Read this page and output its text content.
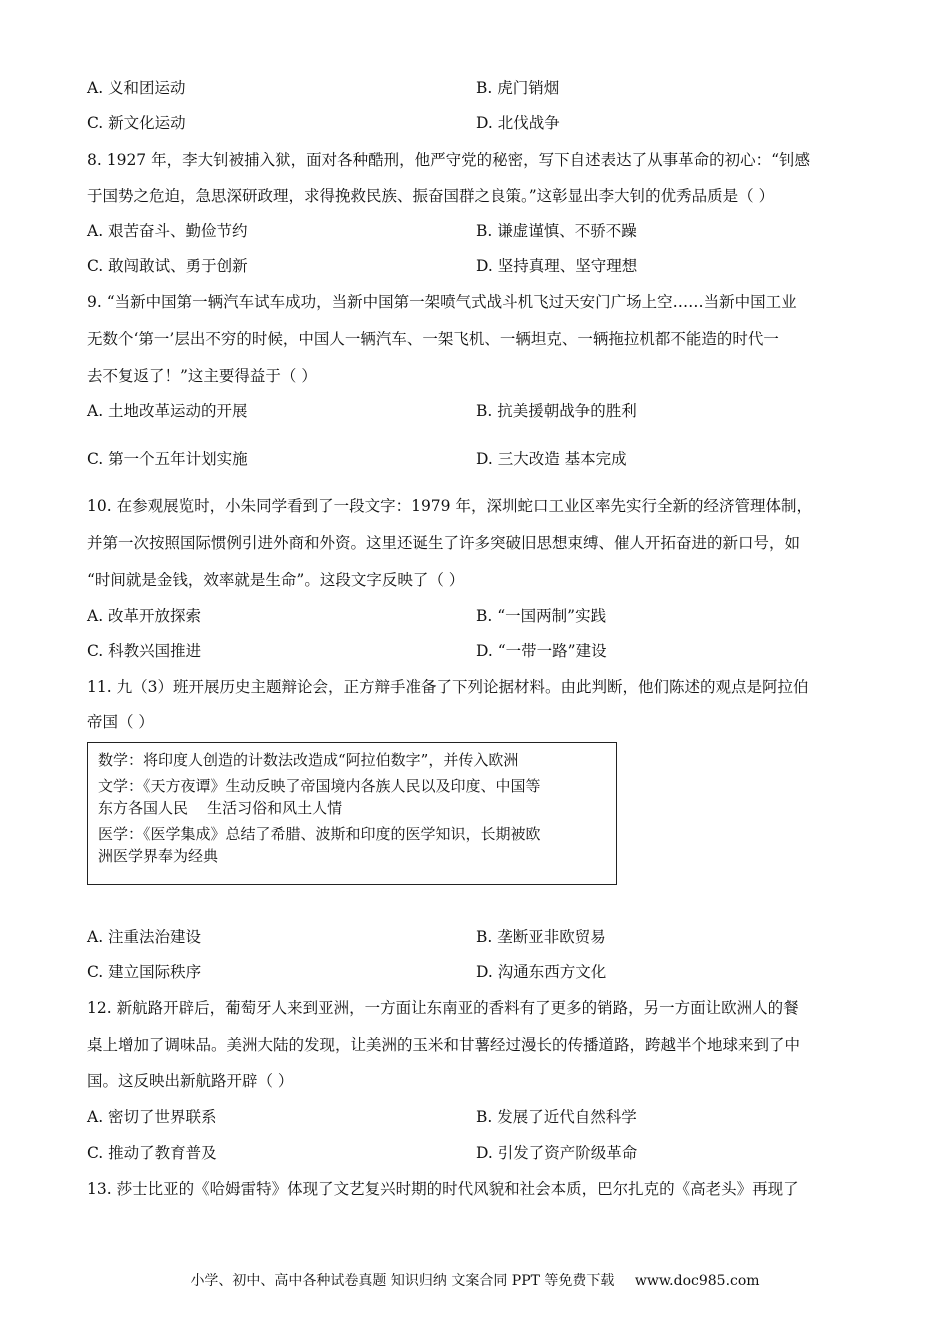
A. 义和团运动	B. 虎门销烟
C. 新文化运动	D. 北伐战争
8. 1927 年，李大钊被捕入狱，面对各种酷刑，他严守党的秘密，写下自述表达了从事革命的初心：“钊感
于国势之危迫，急思深研政理，求得挽救民族、振奋国群之良策。”这彰显出李大钊的优秀品质是（ ）
A. 艰苦奋斗、勤俭节约	B. 谦虚谨慎、不骄不躁
C. 敢闯敢试、勇于创新	D. 坚持真理、坚守理想
9. “当新中国第一辆汽车试车成功，当新中国第一架喷气式战斗机飞过天安门广场上空……当新中国工业
无数个‘第一’层出不穷的时候，中国人一辆汽车、一架飞机、一辆坦克、一辆拖拉机都不能造的时代一
去不复返了！”这主要得益于（ ）
A. 土地改革运动的开展	B. 抗美援朝战争的胜利
C. 第一个五年计划实施	D. 三大改造 基本完成
10. 在参观展览时，小朱同学看到了一段文字：1979 年，深圳蛇口工业区率先实行全新的经济管理体制，
并第一次按照国际惯例引进外商和外资。这里还诞生了许多突破旧思想束缚、催人开拓奋进的新口号，如
“时间就是金钱，效率就是生命”。这段文字反映了（ ）
A. 改革开放探索	B. “一国两制”实践
C. 科教兴国推进	D. “一带一路”建设
11. 九（3）班开展历史主题辩论会，正方辩手准备了下列论据材料。由此判断，他们陈述的观点是阿拉伯
帝国（ ）

数学：将印度人创造的计数法改造成“阿拉伯数字”，并传入欧洲

文学：《天方夜谭》生动反映了帝国境内各族人民以及印度、中国等
东方各国人民    生活习俗和风土人情

医学：《医学集成》总结了希腊、波斯和印度的医学知识，长期被欧
洲医学界奉为经典

A. 注重法治建设	B. 垄断亚非欧贸易
C. 建立国际秩序	D. 沟通东西方文化
12. 新航路开辟后，葡萄牙人来到亚洲，一方面让东南亚的香料有了更多的销路，另一方面让欧洲人的餐
桌上增加了调味品。美洲大陆的发现，让美洲的玉米和甘薯经过漫长的传播道路，跨越半个地球来到了中
国。这反映出新航路开辟（ ）
A. 密切了世界联系	B. 发展了近代自然科学
C. 推动了教育普及	D. 引发了资产阶级革命
13. 莎士比亚的《哈姆雷特》体现了文艺复兴时期的时代风貌和社会本质，巴尔扎克的《高老头》再现了
小学、初中、高中各种试卷真题 知识归纳 文案合同 PPT 等免费下载 www.doc985.com
